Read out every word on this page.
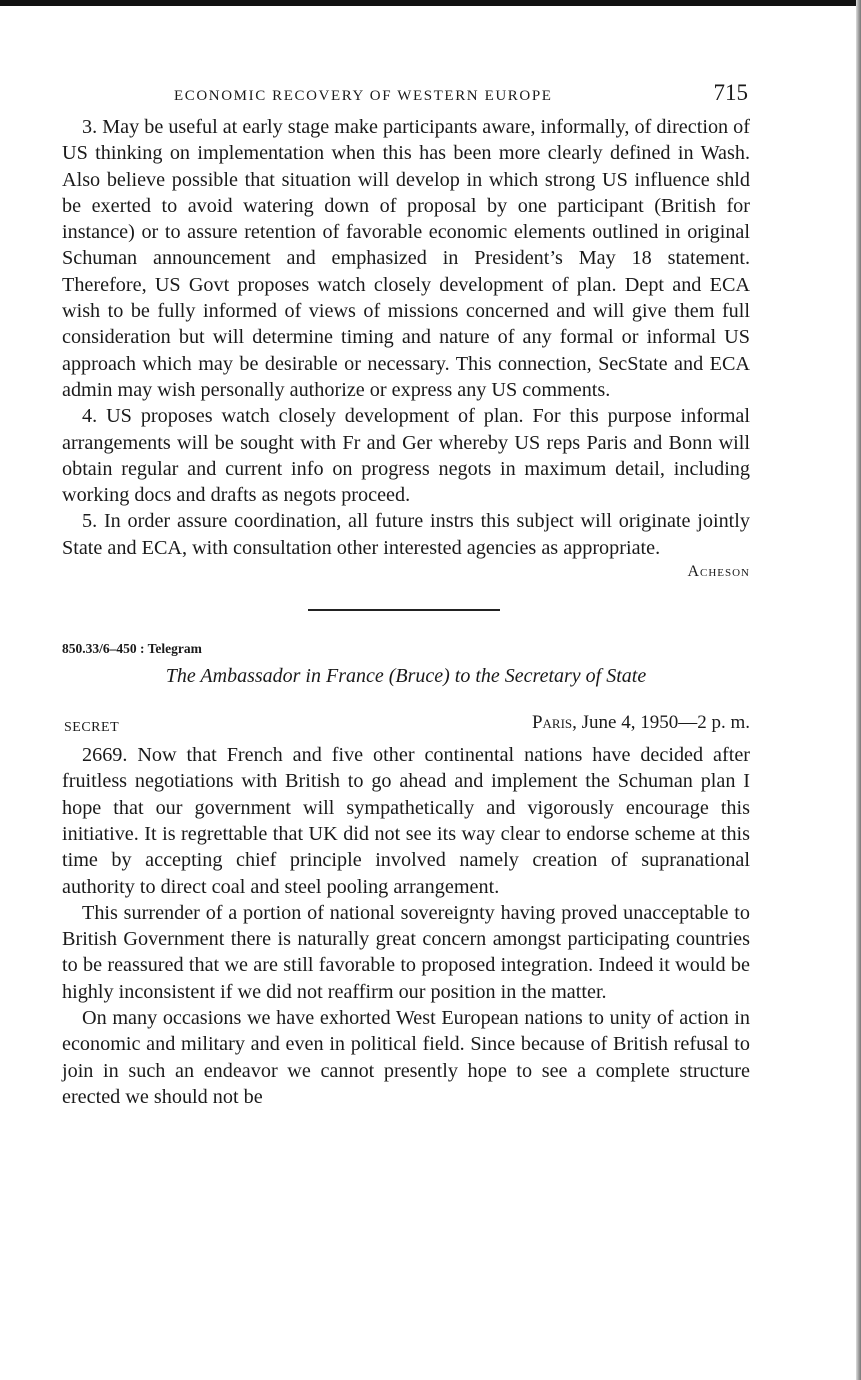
ECONOMIC RECOVERY OF WESTERN EUROPE	715

3. May be useful at early stage make participants aware, informally, of direction of US thinking on implementation when this has been more clearly defined in Wash. Also believe possible that situation will develop in which strong US influence shld be exerted to avoid watering down of proposal by one participant (British for instance) or to assure retention of favorable economic elements outlined in original Schuman announcement and emphasized in President’s May 18 statement. Therefore, US Govt proposes watch closely development of plan. Dept and ECA wish to be fully informed of views of missions concerned and will give them full consideration but will determine timing and nature of any formal or informal US approach which may be desirable or necessary. This connection, SecState and ECA admin may wish personally authorize or express any US comments.

4. US proposes watch closely development of plan. For this purpose informal arrangements will be sought with Fr and Ger whereby US reps Paris and Bonn will obtain regular and current info on progress negots in maximum detail, including working docs and drafts as negots proceed.

5. In order assure coordination, all future instrs this subject will originate jointly State and ECA, with consultation other interested agencies as appropriate.

Acheson
850.33/6–450 : Telegram
The Ambassador in France (Bruce) to the Secretary of State
SECRET	Paris, June 4, 1950—2 p. m.

2669. Now that French and five other continental nations have decided after fruitless negotiations with British to go ahead and implement the Schuman plan I hope that our government will sympathetically and vigorously encourage this initiative. It is regrettable that UK did not see its way clear to endorse scheme at this time by accepting chief principle involved namely creation of supranational authority to direct coal and steel pooling arrangement.

This surrender of a portion of national sovereignty having proved unacceptable to British Government there is naturally great concern amongst participating countries to be reassured that we are still favorable to proposed integration. Indeed it would be highly inconsistent if we did not reaffirm our position in the matter.

On many occasions we have exhorted West European nations to unity of action in economic and military and even in political field. Since because of British refusal to join in such an endeavor we cannot presently hope to see a complete structure erected we should not be
